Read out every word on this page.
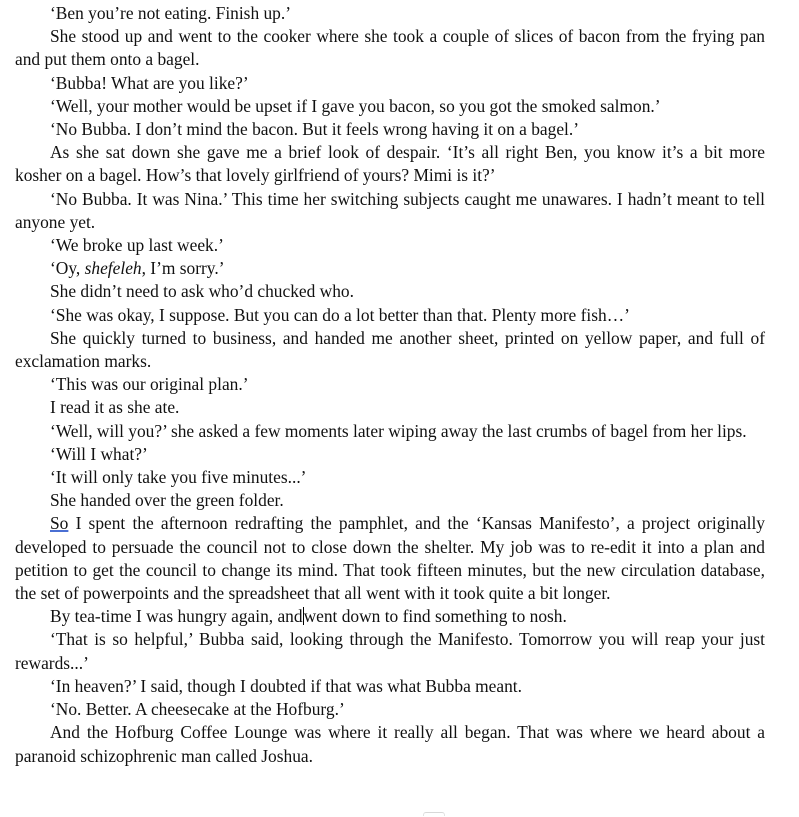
‘Ben you’re not eating. Finish up.’

She stood up and went to the cooker where she took a couple of slices of bacon from the frying pan and put them onto a bagel.

‘Bubba! What are you like?’

‘Well, your mother would be upset if I gave you bacon, so you got the smoked salmon.’

‘No Bubba. I don’t mind the bacon. But it feels wrong having it on a bagel.’

As she sat down she gave me a brief look of despair. ‘It’s all right Ben, you know it’s a bit more kosher on a bagel. How’s that lovely girlfriend of yours? Mimi is it?’

‘No Bubba. It was Nina.’ This time her switching subjects caught me unawares. I hadn’t meant to tell anyone yet.

‘We broke up last week.’

‘Oy, shefeleh, I’m sorry.’

She didn’t need to ask who’d chucked who.

‘She was okay, I suppose. But you can do a lot better than that. Plenty more fish…’

She quickly turned to business, and handed me another sheet, printed on yellow paper, and full of exclamation marks.

‘This was our original plan.’

I read it as she ate.

‘Well, will you?’ she asked a few moments later wiping away the last crumbs of bagel from her lips.

‘Will I what?’

‘It will only take you five minutes...’

She handed over the green folder.

So I spent the afternoon redrafting the pamphlet, and the ‘Kansas Manifesto’, a project originally developed to persuade the council not to close down the shelter. My job was to re-edit it into a plan and petition to get the council to change its mind. That took fifteen minutes, but the new circulation database, the set of powerpoints and the spreadsheet that all went with it took quite a bit longer.

By tea-time I was hungry again, andwent down to find something to nosh.

‘That is so helpful,’ Bubba said, looking through the Manifesto. Tomorrow you will reap your just rewards...’

‘In heaven?’ I said, though I doubted if that was what Bubba meant.

‘No. Better. A cheesecake at the Hofburg.’

And the Hofburg Coffee Lounge was where it really all began. That was where we heard about a paranoid schizophrenic man called Joshua.
